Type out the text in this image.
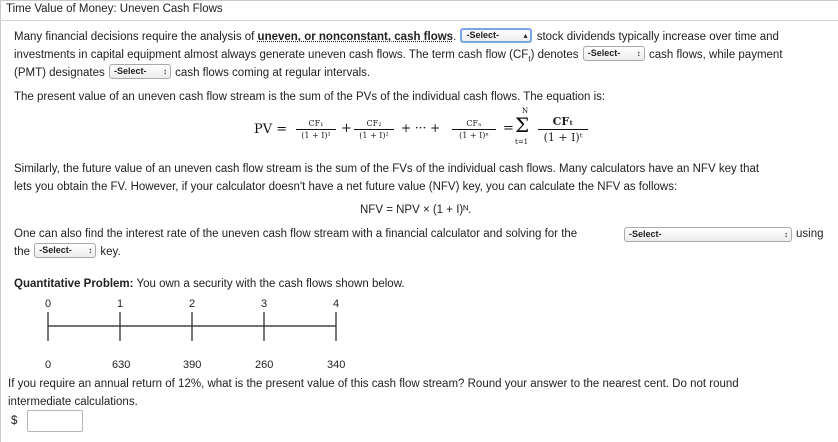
Time Value of Money: Uneven Cash Flows
Many financial decisions require the analysis of uneven, or nonconstant, cash flows. -Select-	▴ stock dividends typically increase over time and
investments in capital equipment almost always generate uneven cash flows. The term cash flow $(CF_t)$ denotes -Select- ↕ cash flows, while payment
(PMT) designates -Select- ↕ cash flows coming at regular intervals.
The present value of an uneven cash flow stream is the sum of the PVs of the individual cash flows. The equation is:
PV =	CF₁
(1 + I)¹ +	CF₂
(1 + I)²
+ ··· +	CFₙ
(1 + I)ⁿ	=
N
Σ
t=1
CFₜ
(1 + I)ᵗ
Similarly, the future value of an uneven cash flow stream is the sum of the FVs of the individual cash flows. Many calculators have an NFV key that
lets you obtain the FV. However, if your calculator doesn't have a net future value (NFV) key, you can calculate the NFV as follows:
NFV = NPV × (1 + I)ᴺ.
One can also find the interest rate of the uneven cash flow stream with a financial calculator and solving for the	-Select-	↕ using
the -Select- ↕ key.
Quantitative Problem: You own a security with the cash flows shown below.
0	1	2	3	4
0	630	390	260	340
If you require an annual return of 12%, what is the present value of this cash flow stream? Round your answer to the nearest cent. Do not round
intermediate calculations.
$
